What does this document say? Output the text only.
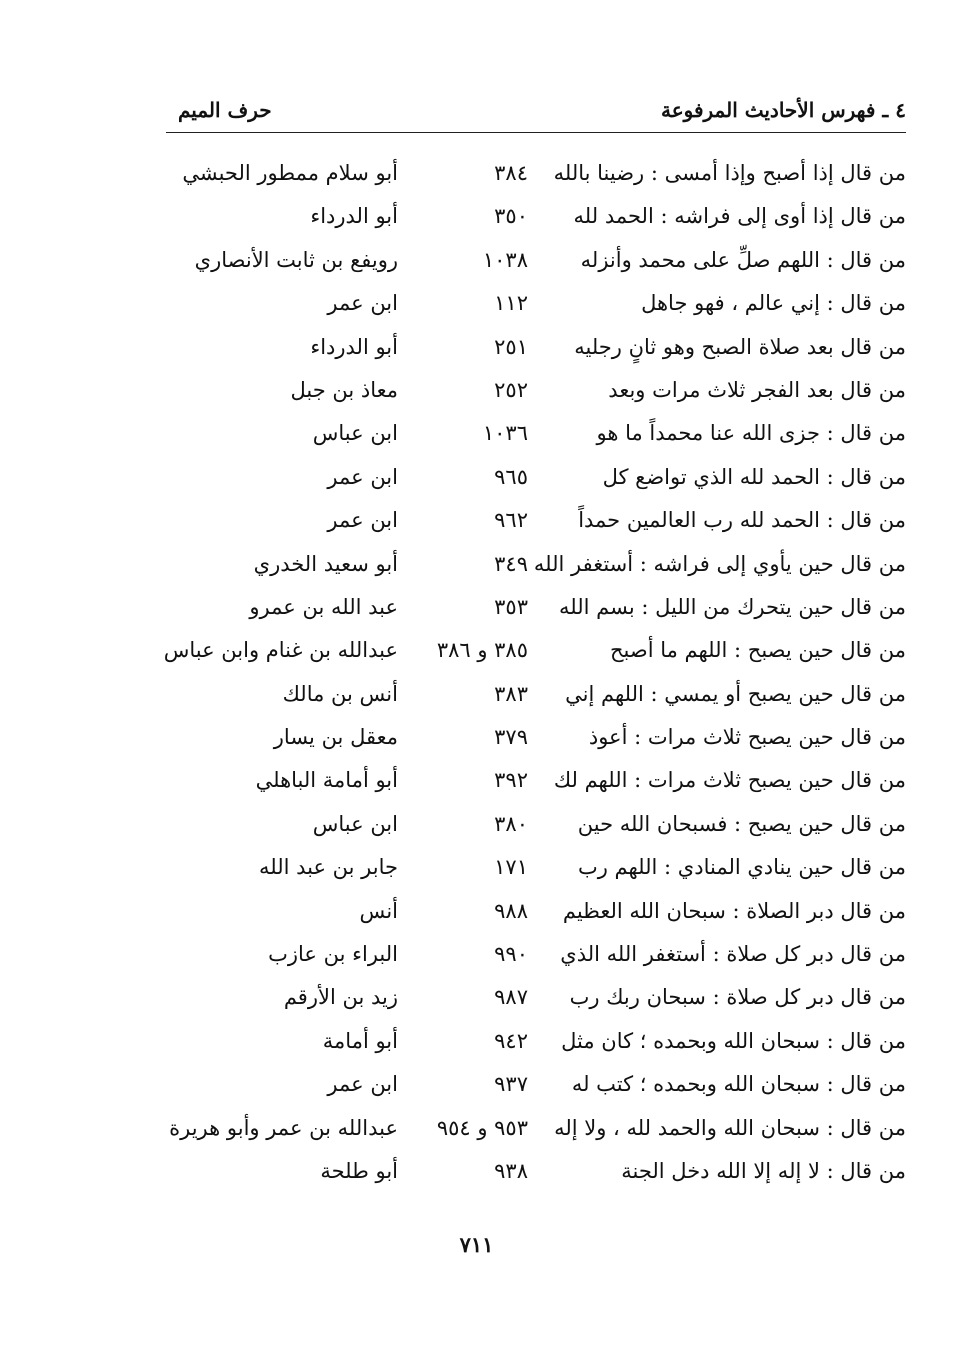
٤ ـ فهرس الأحاديث المرفوعة
حرف الميم
من قال إذا أصبح وإذا أمسى : رضينا بالله
٣٨٤
أبو سلام ممطور الحبشي
من قال إذا أوى إلى فراشه : الحمد لله
٣٥٠
أبو الدرداء
من قال : اللهم صلِّ على محمد وأنزله
١٠٣٨
رويفع بن ثابت الأنصاري
من قال : إني عالم ، فهو جاهل
١١٢
ابن عمر
من قال بعد صلاة الصبح وهو ثانٍ رجليه
٢٥١
أبو الدرداء
من قال بعد الفجر ثلاث مرات وبعد
٢٥٢
معاذ بن جبل
من قال : جزى الله عنا محمداً ما هو
١٠٣٦
ابن عباس
من قال : الحمد لله الذي تواضع كل
٩٦٥
ابن عمر
من قال : الحمد لله رب العالمين حمداً
٩٦٢
ابن عمر
من قال حين يأوي إلى فراشه : أستغفر الله
٣٤٩
أبو سعيد الخدري
من قال حين يتحرك من الليل : بسم الله
٣٥٣
عبد الله بن عمرو
من قال حين يصبح : اللهم ما أصبح
٣٨٥ و ٣٨٦
عبدالله بن غنام وابن عباس
من قال حين يصبح أو يمسي : اللهم إني
٣٨٣
أنس بن مالك
من قال حين يصبح ثلاث مرات : أعوذ
٣٧٩
معقل بن يسار
من قال حين يصبح ثلاث مرات : اللهم لك
٣٩٢
أبو أمامة الباهلي
من قال حين يصبح : فسبحان الله حين
٣٨٠
ابن عباس
من قال حين ينادي المنادي : اللهم رب
١٧١
جابر بن عبد الله
من قال دبر الصلاة : سبحان الله العظيم
٩٨٨
أنس
من قال دبر كل صلاة : أستغفر الله الذي
٩٩٠
البراء بن عازب
من قال دبر كل صلاة : سبحان ربك رب
٩٨٧
زيد بن الأرقم
من قال : سبحان الله وبحمده ؛ كان مثل
٩٤٢
أبو أمامة
من قال : سبحان الله وبحمده ؛ كتب له
٩٣٧
ابن عمر
من قال : سبحان الله والحمد لله ، ولا إله
٩٥٣ و ٩٥٤
عبدالله بن عمر وأبو هريرة
من قال : لا إله إلا الله دخل الجنة
٩٣٨
أبو طلحة
٧١١
